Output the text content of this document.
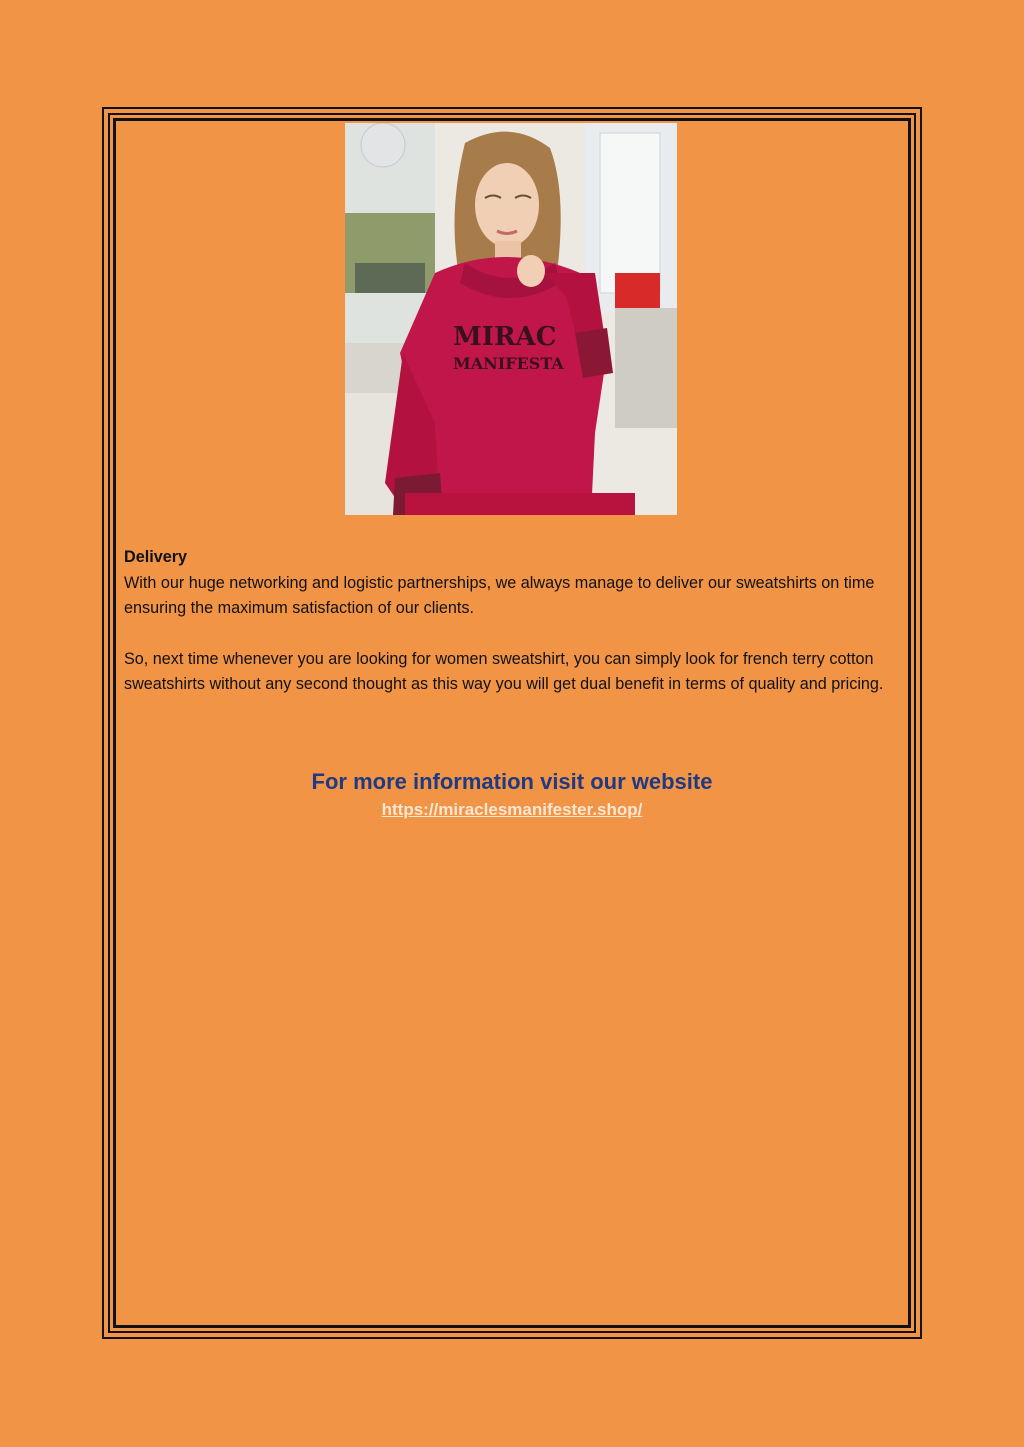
MIRAC
MANIFESTA

Delivery

With our huge networking and logistic partnerships, we always manage to deliver our sweatshirts on time ensuring the maximum satisfaction of our clients.

So, next time whenever you are looking for women sweatshirt, you can simply look for french terry cotton sweatshirts without any second thought as this way you will get dual benefit in terms of quality and pricing.

For more information visit our website
https://miraclesmanifester.shop/
